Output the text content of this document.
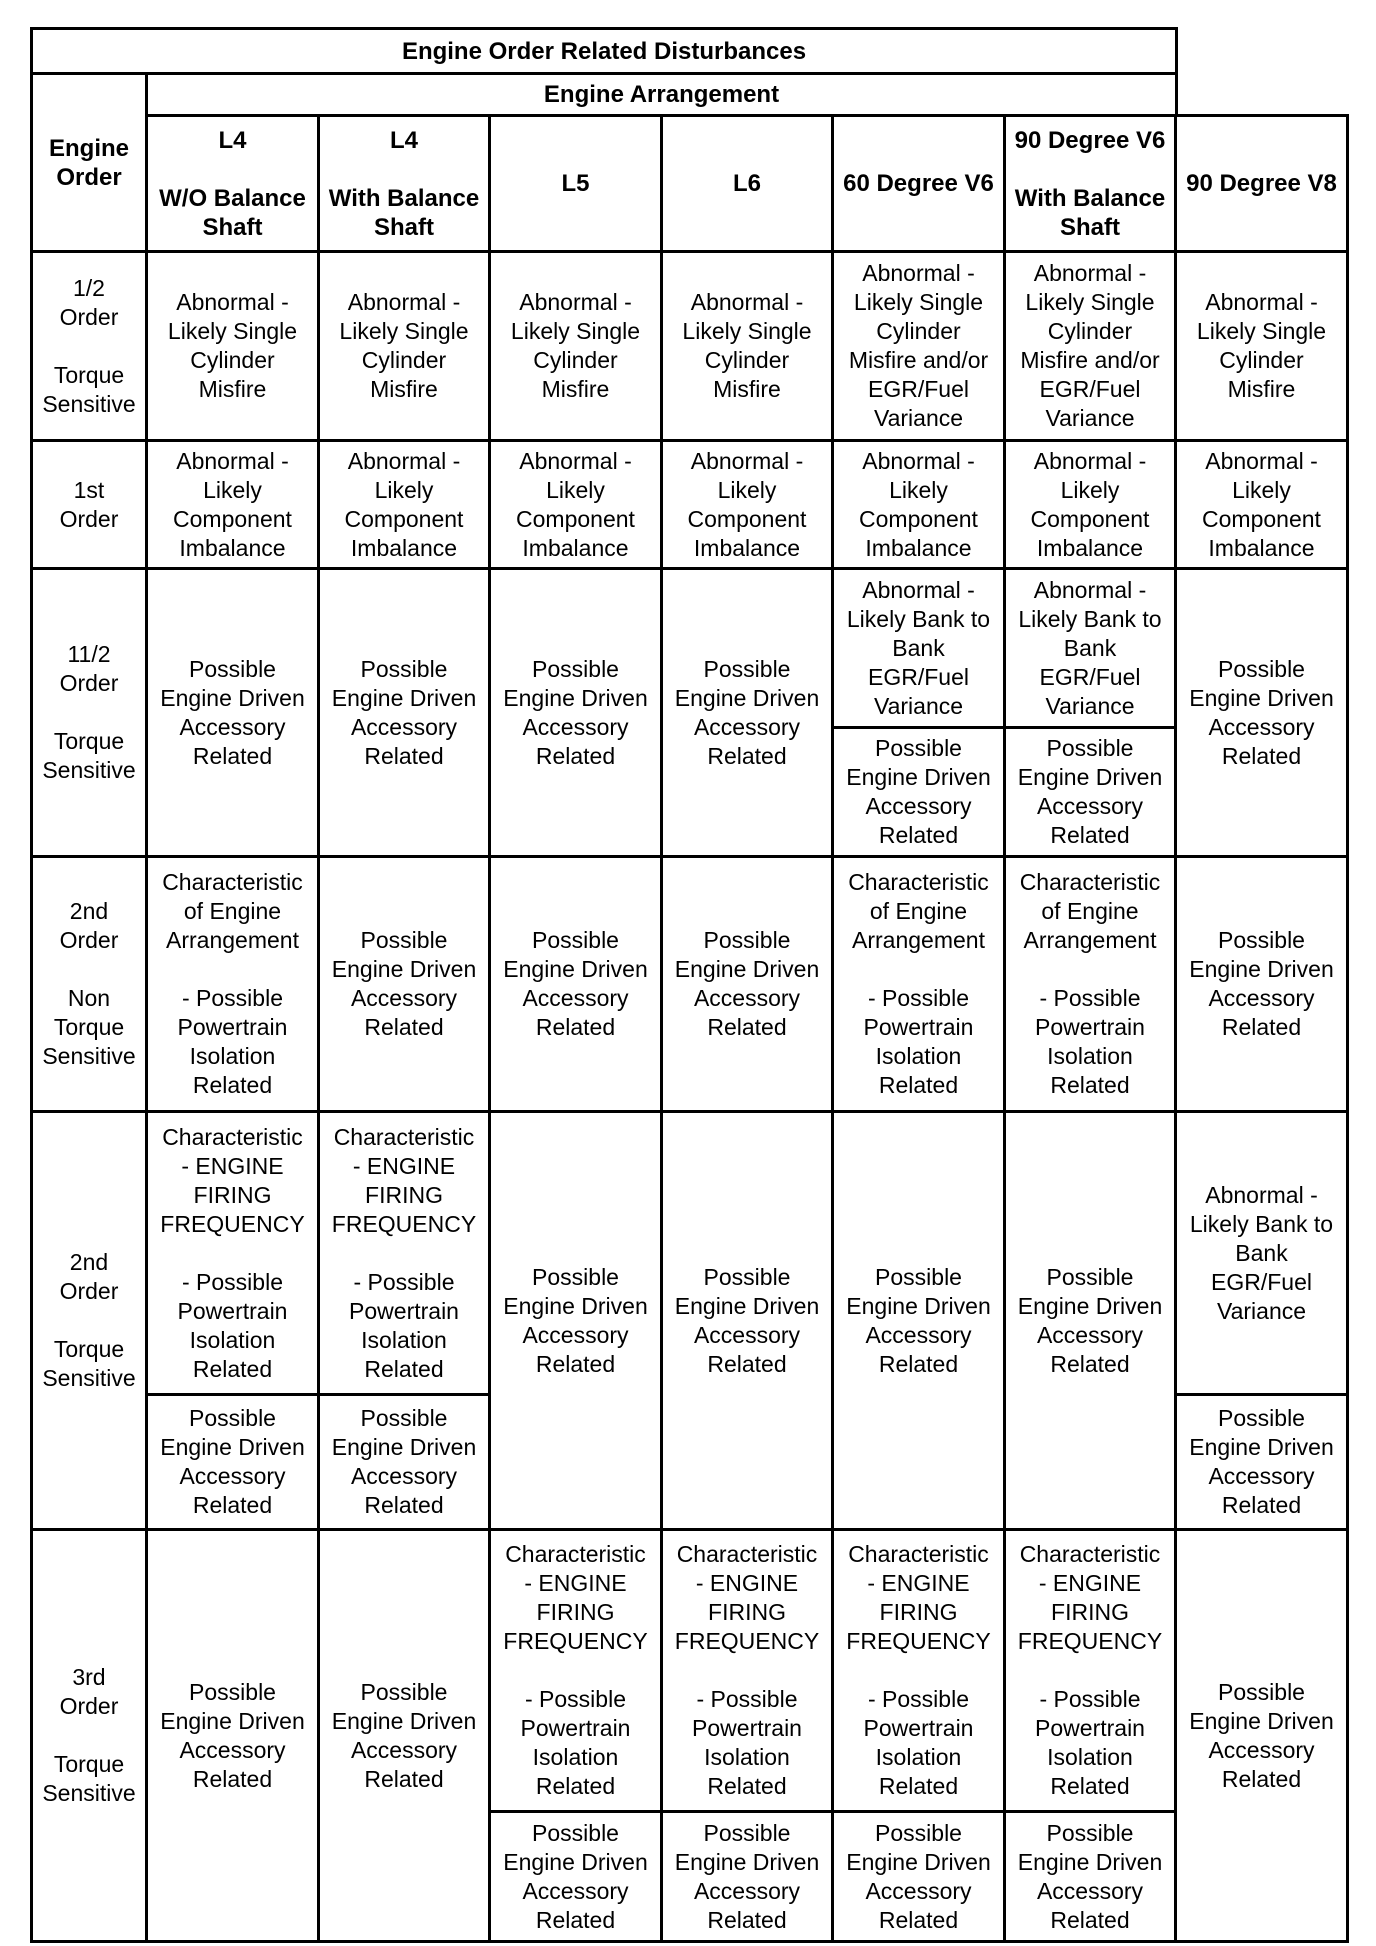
Engine Order Related Disturbances
Engine Arrangement
Engine
Order
L4

W/O Balance
Shaft
L4

With Balance
Shaft
L5	L6	60 Degree V6
90 Degree V6

With Balance
Shaft
90 Degree V8
1/2
Order

Torque
Sensitive
Abnormal -
Likely Single
Cylinder
Misfire
Abnormal -
Likely Single
Cylinder
Misfire
Abnormal -
Likely Single
Cylinder
Misfire
Abnormal -
Likely Single
Cylinder
Misfire
Abnormal -
Likely Single
Cylinder
Misfire and/or
EGR/Fuel
Variance
Abnormal -
Likely Single
Cylinder
Misfire and/or
EGR/Fuel
Variance
Abnormal -
Likely Single
Cylinder
Misfire
1st
Order
Abnormal -
Likely
Component
Imbalance
Abnormal -
Likely
Component
Imbalance
Abnormal -
Likely
Component
Imbalance
Abnormal -
Likely
Component
Imbalance
Abnormal -
Likely
Component
Imbalance
Abnormal -
Likely
Component
Imbalance
Abnormal -
Likely
Component
Imbalance
11/2
Order

Torque
Sensitive
Possible
Engine Driven
Accessory
Related
Possible
Engine Driven
Accessory
Related
Possible
Engine Driven
Accessory
Related
Possible
Engine Driven
Accessory
Related
Abnormal -
Likely Bank to
Bank
EGR/Fuel
Variance
Possible
Engine Driven
Accessory
Related
Abnormal -
Likely Bank to
Bank
EGR/Fuel
Variance
Possible
Engine Driven
Accessory
Related
Possible
Engine Driven
Accessory
Related
2nd
Order

Non
Torque
Sensitive
Characteristic
of Engine
Arrangement

- Possible
Powertrain
Isolation
Related
Possible
Engine Driven
Accessory
Related
Possible
Engine Driven
Accessory
Related
Possible
Engine Driven
Accessory
Related
Characteristic
of Engine
Arrangement

- Possible
Powertrain
Isolation
Related
Characteristic
of Engine
Arrangement

- Possible
Powertrain
Isolation
Related
Possible
Engine Driven
Accessory
Related
2nd
Order

Torque
Sensitive
Characteristic
- ENGINE
FIRING
FREQUENCY

- Possible
Powertrain
Isolation
Related
Possible
Engine Driven
Accessory
Related
Characteristic
- ENGINE
FIRING
FREQUENCY

- Possible
Powertrain
Isolation
Related
Possible
Engine Driven
Accessory
Related
Possible
Engine Driven
Accessory
Related
Possible
Engine Driven
Accessory
Related
Possible
Engine Driven
Accessory
Related
Possible
Engine Driven
Accessory
Related
Abnormal -
Likely Bank to
Bank
EGR/Fuel
Variance
Possible
Engine Driven
Accessory
Related
3rd
Order

Torque
Sensitive
Possible
Engine Driven
Accessory
Related
Possible
Engine Driven
Accessory
Related
Characteristic
- ENGINE
FIRING
FREQUENCY

- Possible
Powertrain
Isolation
Related
Possible
Engine Driven
Accessory
Related
Characteristic
- ENGINE
FIRING
FREQUENCY

- Possible
Powertrain
Isolation
Related
Possible
Engine Driven
Accessory
Related
Characteristic
- ENGINE
FIRING
FREQUENCY

- Possible
Powertrain
Isolation
Related
Possible
Engine Driven
Accessory
Related
Characteristic
- ENGINE
FIRING
FREQUENCY

- Possible
Powertrain
Isolation
Related
Possible
Engine Driven
Accessory
Related
Possible
Engine Driven
Accessory
Related
